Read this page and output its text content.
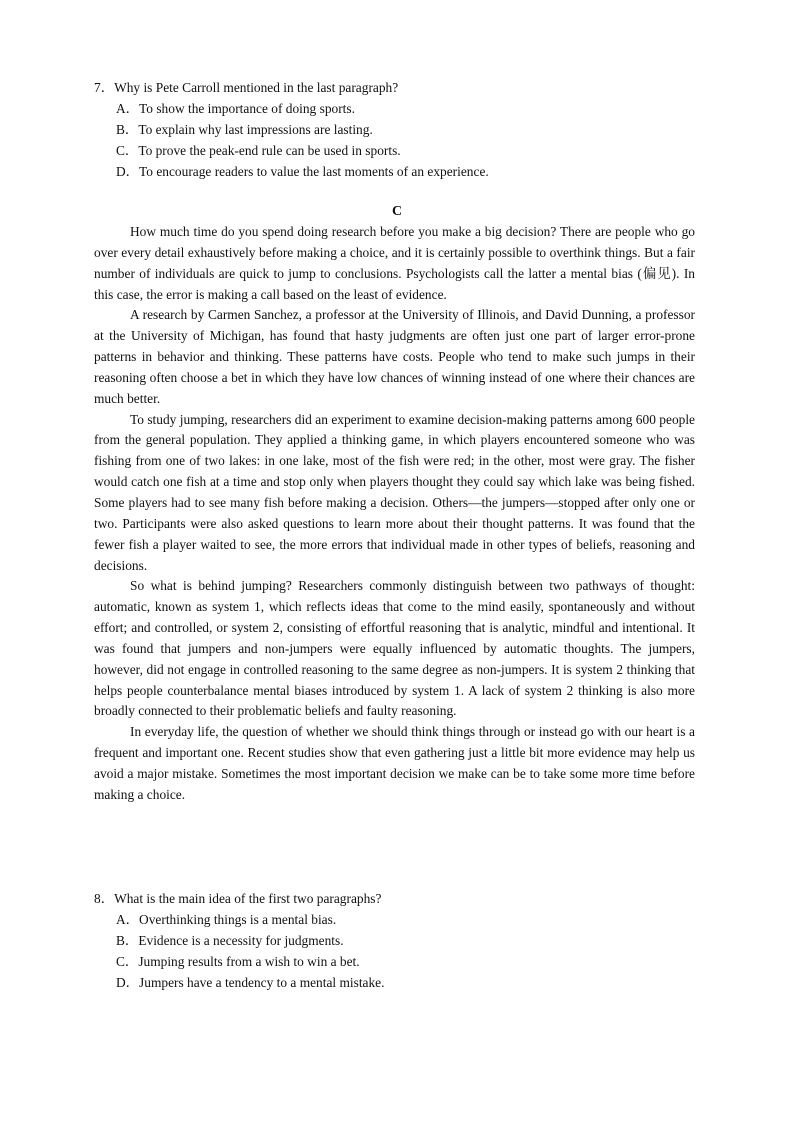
7．Why is Pete Carroll mentioned in the last paragraph?

A．To show the importance of doing sports.

B．To explain why last impressions are lasting.

C．To prove the peak-end rule can be used in sports.

D．To encourage readers to value the last moments of an experience.

C

How much time do you spend doing research before you make a big decision? There are people who go over every detail exhaustively before making a choice, and it is certainly possible to overthink things. But a fair number of individuals are quick to jump to conclusions. Psychologists call the latter a mental bias (偏见). In this case, the error is making a call based on the least of evidence.

A research by Carmen Sanchez, a professor at the University of Illinois, and David Dunning, a professor at the University of Michigan, has found that hasty judgments are often just one part of larger error-prone patterns in behavior and thinking. These patterns have costs. People who tend to make such jumps in their reasoning often choose a bet in which they have low chances of winning instead of one where their chances are much better.

To study jumping, researchers did an experiment to examine decision-making patterns among 600 people from the general population. They applied a thinking game, in which players encountered someone who was fishing from one of two lakes: in one lake, most of the fish were red; in the other, most were gray. The fisher would catch one fish at a time and stop only when players thought they could say which lake was being fished. Some players had to see many fish before making a decision. Others—the jumpers—stopped after only one or two. Participants were also asked questions to learn more about their thought patterns. It was found that the fewer fish a player waited to see, the more errors that individual made in other types of beliefs, reasoning and decisions.

So what is behind jumping? Researchers commonly distinguish between two pathways of thought: automatic, known as system 1, which reflects ideas that come to the mind easily, spontaneously and without effort; and controlled, or system 2, consisting of effortful reasoning that is analytic, mindful and intentional. It was found that jumpers and non-jumpers were equally influenced by automatic thoughts. The jumpers, however, did not engage in controlled reasoning to the same degree as non-jumpers. It is system 2 thinking that helps people counterbalance mental biases introduced by system 1. A lack of system 2 thinking is also more broadly connected to their problematic beliefs and faulty reasoning.

In everyday life, the question of whether we should think things through or instead go with our heart is a frequent and important one. Recent studies show that even gathering just a little bit more evidence may help us avoid a major mistake. Sometimes the most important decision we make can be to take some more time before making a choice.

8．What is the main idea of the first two paragraphs?

A．Overthinking things is a mental bias.

B．Evidence is a necessity for judgments.

C．Jumping results from a wish to win a bet.

D．Jumpers have a tendency to a mental mistake.
